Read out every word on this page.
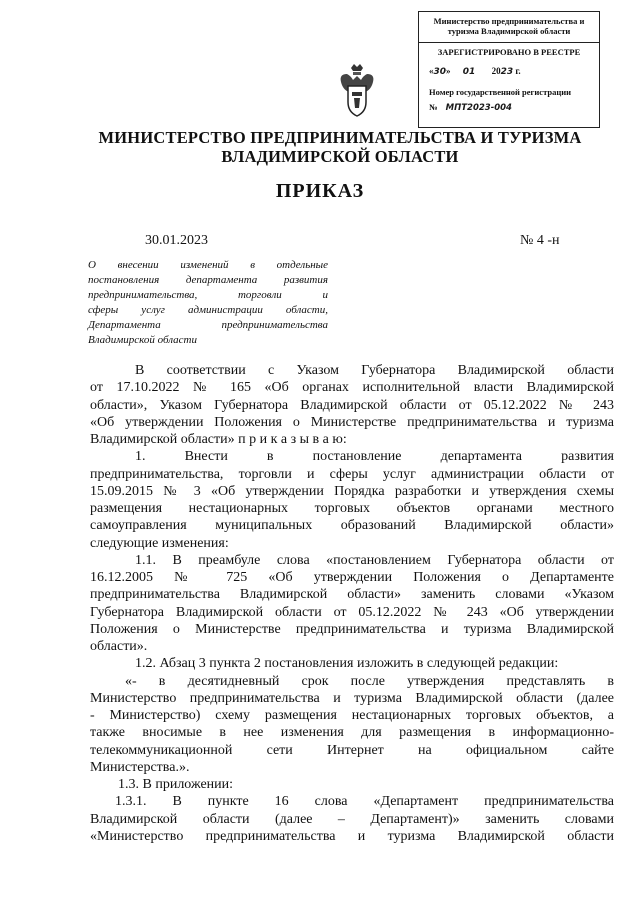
Министерство предпринимательства и туризма Владимирской области
ЗАРЕГИСТРИРОВАНО В РЕЕСТРЕ
«30» 01 2023 г.
Номер государственной регистрации
№ МПТ2023-004
МИНИСТЕРСТВО ПРЕДПРИНИМАТЕЛЬСТВА И ТУРИЗМА
ВЛАДИМИРСКОЙ ОБЛАСТИ
ПРИКАЗ
30.01.2023	№ 4 -н
О внесении изменений в отдельные
постановления департамента развития
предпринимательства, торговли и
сферы услуг администрации области,
Департамента предпринимательства
Владимирской области
В соответствии с Указом Губернатора Владимирской области
от 17.10.2022 № 165 «Об органах исполнительной власти Владимирской
области», Указом Губернатора Владимирской области от 05.12.2022 № 243
«Об утверждении Положения о Министерстве предпринимательства и туризма
Владимирской области» п р и к а з ы в а ю:
1. Внести в постановление департамента развития
предпринимательства, торговли и сферы услуг администрации области от
15.09.2015 № 3 «Об утверждении Порядка разработки и утверждения схемы
размещения нестационарных торговых объектов органами местного
самоуправления муниципальных образований Владимирской области»
следующие изменения:
1.1. В преамбуле слова «постановлением Губернатора области от
16.12.2005 № 725 «Об утверждении Положения о Департаменте
предпринимательства Владимирской области» заменить словами «Указом
Губернатора Владимирской области от 05.12.2022 № 243 «Об утверждении
Положения о Министерстве предпринимательства и туризма Владимирской
области».
1.2. Абзац 3 пункта 2 постановления изложить в следующей редакции:
«- в десятидневный срок после утверждения представлять в
Министерство предпринимательства и туризма Владимирской области (далее
- Министерство) схему размещения нестационарных торговых объектов, а
также вносимые в нее изменения для размещения в информационно-
телекоммуникационной сети Интернет на официальном сайте
Министерства.».
1.3. В приложении:
1.3.1. В пункте 16 слова «Департамент предпринимательства
Владимирской области (далее – Департамент)» заменить словами
«Министерство предпринимательства и туризма Владимирской области
